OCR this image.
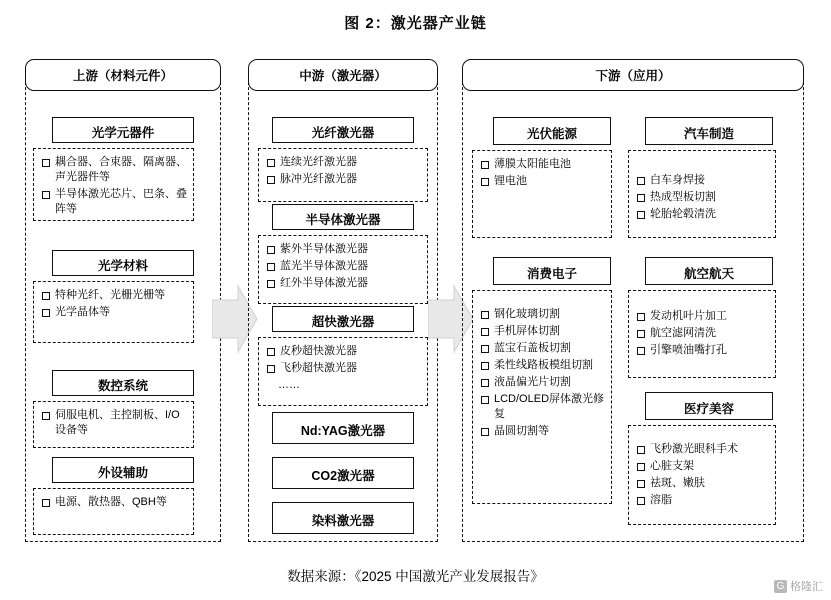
图 2：激光器产业链
上游（材料元件）
光学元器件
耦合器、合束器、隔离器、声光器件等
半导体激光芯片、巴条、叠阵等
光学材料
特种光纤、光栅光栅等
光学晶体等
数控系统
伺服电机、主控制板、I/O 设备等
外设辅助
电源、散热器、QBH等
中游（激光器）
光纤激光器
连续光纤激光器
脉冲光纤激光器
半导体激光器
紫外半导体激光器
蓝光半导体激光器
红外半导体激光器
超快激光器
皮秒超快激光器
飞秒超快激光器
……
Nd:YAG激光器
CO2激光器
染料激光器
下游（应用）
光伏能源
薄膜太阳能电池
锂电池
汽车制造
白车身焊接
热成型板切割
轮胎轮毂清洗
消费电子
钢化玻璃切割
手机屏体切割
蓝宝石盖板切割
柔性线路板模组切割
液晶偏光片切割
LCD/OLED屏体激光修复
晶圆切割等
航空航天
发动机叶片加工
航空滤网清洗
引擎喷油嘴打孔
医疗美容
飞秒激光眼科手术
心脏支架
祛斑、嫩肤
溶脂
数据来源：《2025 中国激光产业发展报告》
G 格隆汇
